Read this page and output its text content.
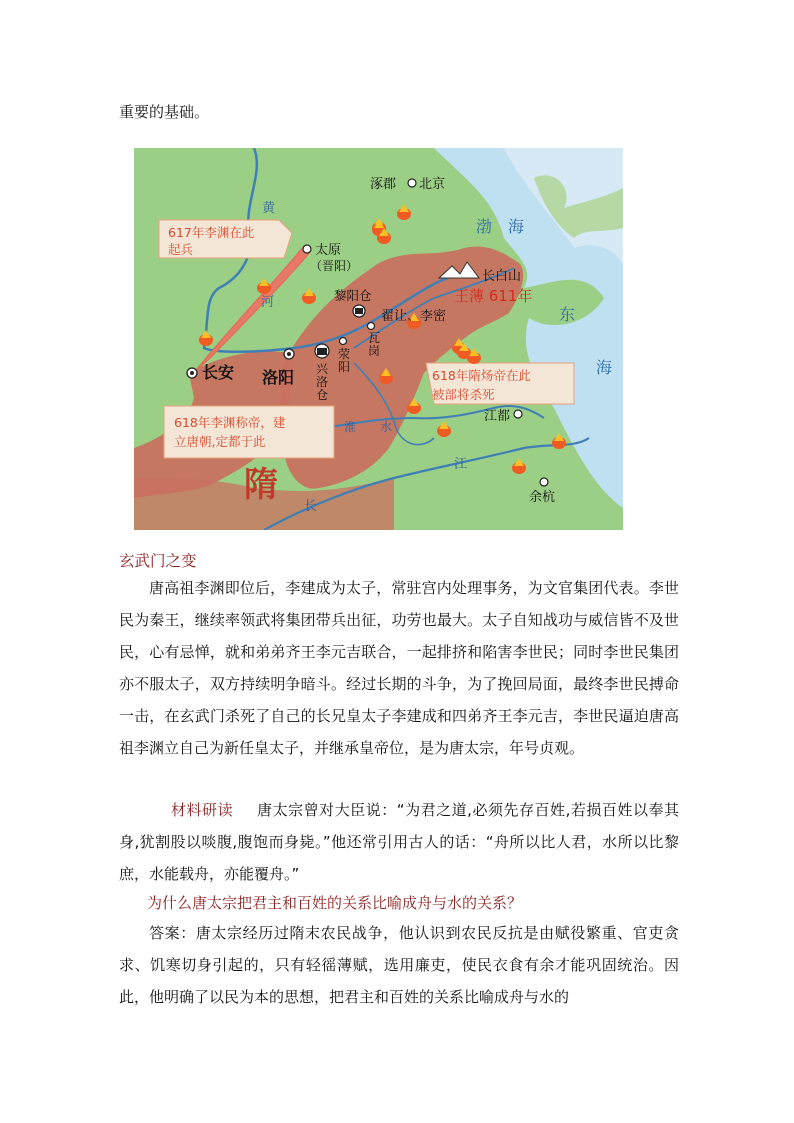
重要的基础。

617年李渊在此
起兵
618年李渊称帝，建
立唐朝,定都于此
618年隋炀帝在此
被部将杀死
涿郡 北京
黄
河
渤　海
东
海
太原
（晋阳）
黎阳仓
长白山
王薄 611年
翟让、李密
瓦岗
长安 洛阳 兴洛仓
荥阳
淮　　水
江都
江
余杭
隋
长

玄武门之变

唐高祖李渊即位后，李建成为太子，常驻宫内处理事务，为文官集团代表。李世民为秦王，继续率领武将集团带兵出征，功劳也最大。太子自知战功与威信皆不及世民，心有忌惮，就和弟弟齐王李元吉联合，一起排挤和陷害李世民；同时李世民集团亦不服太子，双方持续明争暗斗。经过长期的斗争，为了挽回局面，最终李世民搏命一击，在玄武门杀死了自己的长兄皇太子李建成和四弟齐王李元吉，李世民逼迫唐高祖李渊立自己为新任皇太子，并继承皇帝位，是为唐太宗，年号贞观。

材料研读 唐太宗曾对大臣说：“为君之道,必须先存百姓,若损百姓以奉其身,犹割股以啖腹,腹饱而身毙。”他还常引用古人的话：“舟所以比人君，水所以比黎庶，水能载舟，亦能覆舟。”

为什么唐太宗把君主和百姓的关系比喻成舟与水的关系？

答案：唐太宗经历过隋末农民战争，他认识到农民反抗是由赋役繁重、官吏贪求、饥寒切身引起的，只有轻徭薄赋，选用廉吏，使民衣食有余才能巩固统治。因此，他明确了以民为本的思想，把君主和百姓的关系比喻成舟与水的
